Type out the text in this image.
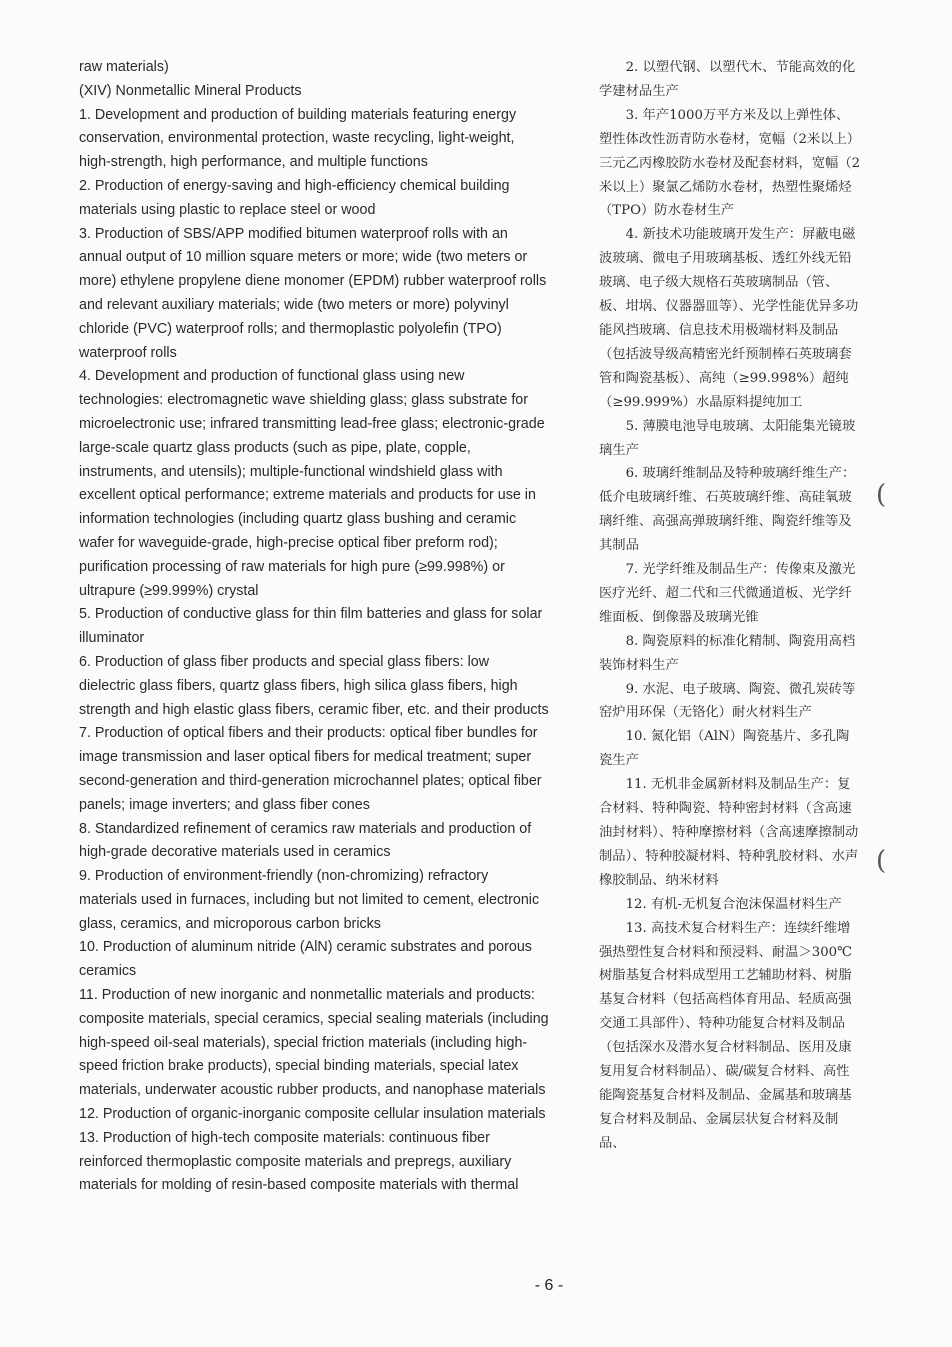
raw materials)

(XIV) Nonmetallic Mineral Products

1. Development and production of building materials featuring energy conservation, environmental protection, waste recycling, light-weight, high-strength, high performance, and multiple functions

2. Production of energy-saving and high-efficiency chemical building materials using plastic to replace steel or wood

3. Production of SBS/APP modified bitumen waterproof rolls with an annual output of 10 million square meters or more; wide (two meters or more) ethylene propylene diene monomer (EPDM) rubber waterproof rolls and relevant auxiliary materials; wide (two meters or more) polyvinyl chloride (PVC) waterproof rolls; and thermoplastic polyolefin (TPO) waterproof rolls

4. Development and production of functional glass using new technologies: electromagnetic wave shielding glass; glass substrate for microelectronic use; infrared transmitting lead-free glass; electronic-grade large-scale quartz glass products (such as pipe, plate, copple, instruments, and utensils); multiple-functional windshield glass with excellent optical performance; extreme materials and products for use in information technologies (including quartz glass bushing and ceramic wafer for waveguide-grade, high-precise optical fiber preform rod); purification processing of raw materials for high pure (≥99.998%) or ultrapure (≥99.999%) crystal

5. Production of conductive glass for thin film batteries and glass for solar illuminator

6. Production of glass fiber products and special glass fibers: low dielectric glass fibers, quartz glass fibers, high silica glass fibers, high strength and high elastic glass fibers, ceramic fiber, etc. and their products

7. Production of optical fibers and their products: optical fiber bundles for image transmission and laser optical fibers for medical treatment; super second-generation and third-generation microchannel plates; optical fiber panels; image inverters; and glass fiber cones

8. Standardized refinement of ceramics raw materials and production of high-grade decorative materials used in ceramics

9. Production of environment-friendly (non-chromizing) refractory materials used in furnaces, including but not limited to cement, electronic glass, ceramics, and microporous carbon bricks

10. Production of aluminum nitride (AlN) ceramic substrates and porous ceramics

11. Production of new inorganic and nonmetallic materials and products: composite materials, special ceramics, special sealing materials (including high-speed oil-seal materials), special friction materials (including high-speed friction brake products), special binding materials, special latex materials, underwater acoustic rubber products, and nanophase materials

12. Production of organic-inorganic composite cellular insulation materials

13. Production of high-tech composite materials: continuous fiber reinforced thermoplastic composite materials and prepregs, auxiliary materials for molding of resin-based composite materials with thermal

2. 以塑代钢、以塑代木、节能高效的化学建材品生产

3. 年产1000万平方米及以上弹性体、塑性体改性沥青防水卷材，宽幅（2米以上）三元乙丙橡胶防水卷材及配套材料，宽幅（2米以上）聚氯乙烯防水卷材，热塑性聚烯烃（TPO）防水卷材生产

4. 新技术功能玻璃开发生产：屏蔽电磁波玻璃、微电子用玻璃基板、透红外线无铅玻璃、电子级大规格石英玻璃制品（管、板、坩埚、仪器器皿等）、光学性能优异多功能风挡玻璃、信息技术用极端材料及制品（包括波导级高精密光纤预制棒石英玻璃套管和陶瓷基板）、高纯（≥99.998%）超纯（≥99.999%）水晶原料提纯加工

5. 薄膜电池导电玻璃、太阳能集光镜玻璃生产

6. 玻璃纤维制品及特种玻璃纤维生产：低介电玻璃纤维、石英玻璃纤维、高硅氧玻璃纤维、高强高弹玻璃纤维、陶瓷纤维等及其制品

7. 光学纤维及制品生产：传像束及激光医疗光纤、超二代和三代微通道板、光学纤维面板、倒像器及玻璃光锥

8. 陶瓷原料的标准化精制、陶瓷用高档装饰材料生产

9. 水泥、电子玻璃、陶瓷、微孔炭砖等窑炉用环保（无铬化）耐火材料生产

10. 氮化铝（AlN）陶瓷基片、多孔陶瓷生产

11. 无机非金属新材料及制品生产：复合材料、特种陶瓷、特种密封材料（含高速油封材料）、特种摩擦材料（含高速摩擦制动制品）、特种胶凝材料、特种乳胶材料、水声橡胶制品、纳米材料

12. 有机-无机复合泡沫保温材料生产

13. 高技术复合材料生产：连续纤维增强热塑性复合材料和预浸料、耐温＞300℃树脂基复合材料成型用工艺辅助材料、树脂基复合材料（包括高档体育用品、轻质高强交通工具部件）、特种功能复合材料及制品（包括深水及潜水复合材料制品、医用及康复用复合材料制品）、碳/碳复合材料、高性能陶瓷基复合材料及制品、金属基和玻璃基复合材料及制品、金属层状复合材料及制品、

(
(
- 6 -
